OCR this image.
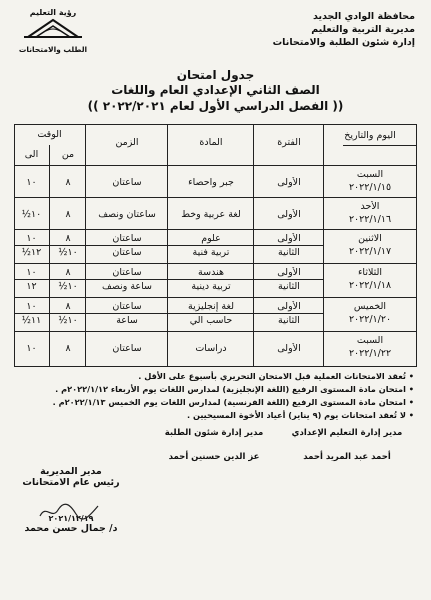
محافظة الوادي الجديد
مديرية التربية والتعليم
إدارة شئون الطلبة والامتحانات
رؤية التعليم
الطلب والامتحانات
جدول امتحان
الصف الثاني الإعدادي العام واللغات
(( الفصل الدراسي الأول لعام ٢٠٢٢/٢٠٢١ ))
اليوم والتاريخ
الفترة
المادة
الزمن
الوقت
من
الى
السبت
٢٠٢٢/١/١٥
الأولى
جبر واحصاء
ساعتان
٨
١٠
الأحد
٢٠٢٢/١/١٦
الأولى
لغة عربية وخط
ساعتان ونصف
٨
١٠½
الاثنين
٢٠٢٢/١/١٧
الأولى
علوم
ساعتان
٨
١٠
الثانية
تربية فنية
ساعتان
١٠½
١٢½
الثلاثاء
٢٠٢٢/١/١٨
الأولى
هندسة
ساعتان
٨
١٠
الثانية
تربية دينية
ساعة ونصف
١٠½
١٢
الخميس
٢٠٢٢/١/٢٠
الأولى
لغة إنجليزية
ساعتان
٨
١٠
الثانية
حاسب آلي
ساعة
١٠½
١١½
السبت
٢٠٢٢/١/٢٢
الأولى
دراسات
ساعتان
٨
١٠
• تُعقد الامتحانات العملية قبل الامتحان التحريري بأسبوع على الأقل .
• امتحان مادة المستوى الرفيع (اللغة الإنجليزية) لمدارس اللغات يوم الأربعاء ٢٠٢٢/١/١٢م .
• امتحان مادة المستوى الرفيع (اللغة الفرنسية) لمدارس اللغات يوم الخميس ٢٠٢٢/١/١٣م .
• لا تُعقد امتحانات يوم (٩ يناير) أعياد الأخوة المسيحيين .
مدير إدارة التعليم الإعدادي
أحمد عبد المريد أحمد
مدير إدارة شئون الطلبة
عز الدين حسنين أحمد
مدير المديرية
رئيس عام الامتحانات
٢٠٢١/١٢/١٩
د/ جمال حسن محمد
